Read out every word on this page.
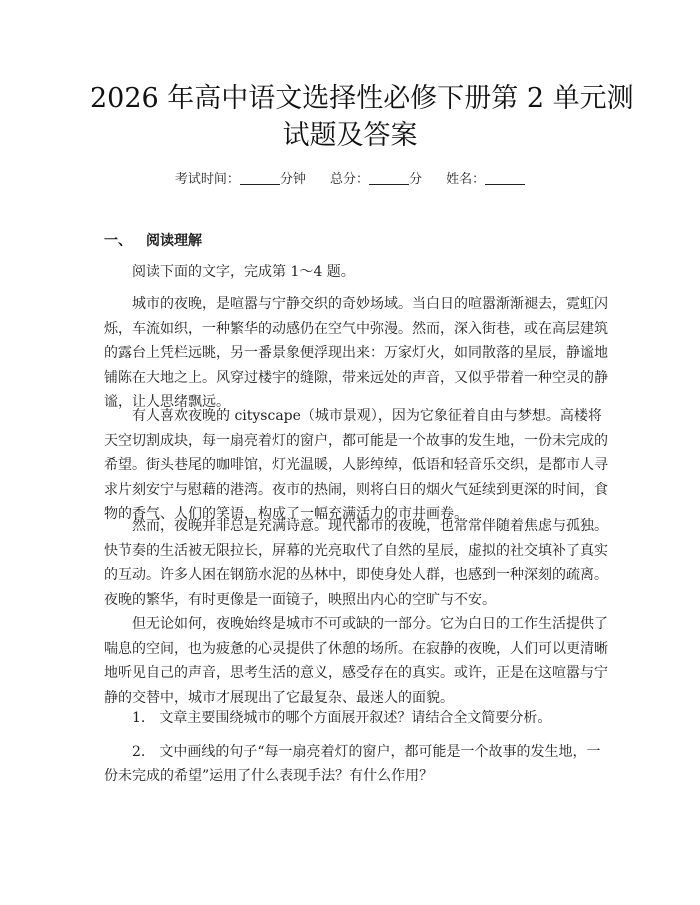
2026 年高中语文选择性必修下册第 2 单元测
试题及答案
考试时间：	分钟 总分：	分 姓名：
一、 阅读理解
阅读下面的文字，完成第 1～4 题。
城市的夜晚，是喧嚣与宁静交织的奇妙场域。当白日的喧嚣渐渐褪去，霓虹闪
烁，车流如织，一种繁华的动感仍在空气中弥漫。然而，深入街巷，或在高层建筑
的露台上凭栏远眺，另一番景象便浮现出来：万家灯火，如同散落的星辰，静谧地
铺陈在大地之上。风穿过楼宇的缝隙，带来远处的声音，又似乎带着一种空灵的静
谧，让人思绪飘远。
有人喜欢夜晚的 cityscape（城市景观），因为它象征着自由与梦想。高楼将
天空切割成块，每一扇亮着灯的窗户，都可能是一个故事的发生地，一份未完成的
希望。街头巷尾的咖啡馆，灯光温暖，人影绰绰，低语和轻音乐交织，是都市人寻
求片刻安宁与慰藉的港湾。夜市的热闹，则将白日的烟火气延续到更深的时间，食
物的香气、人们的笑语，构成了一幅充满活力的市井画卷。
然而，夜晚并非总是充满诗意。现代都市的夜晚，也常常伴随着焦虑与孤独。
快节奏的生活被无限拉长，屏幕的光亮取代了自然的星辰，虚拟的社交填补了真实
的互动。许多人困在钢筋水泥的丛林中，即使身处人群，也感到一种深刻的疏离。
夜晚的繁华，有时更像是一面镜子，映照出内心的空旷与不安。
但无论如何，夜晚始终是城市不可或缺的一部分。它为白日的工作生活提供了
喘息的空间，也为疲惫的心灵提供了休憩的场所。在寂静的夜晚，人们可以更清晰
地听见自己的声音，思考生活的意义，感受存在的真实。或许，正是在这喧嚣与宁
静的交替中，城市才展现出了它最复杂、最迷人的面貌。
1. 文章主要围绕城市的哪个方面展开叙述？请结合全文简要分析。
2. 文中画线的句子“每一扇亮着灯的窗户，都可能是一个故事的发生地，一
份未完成的希望”运用了什么表现手法？有什么作用？
